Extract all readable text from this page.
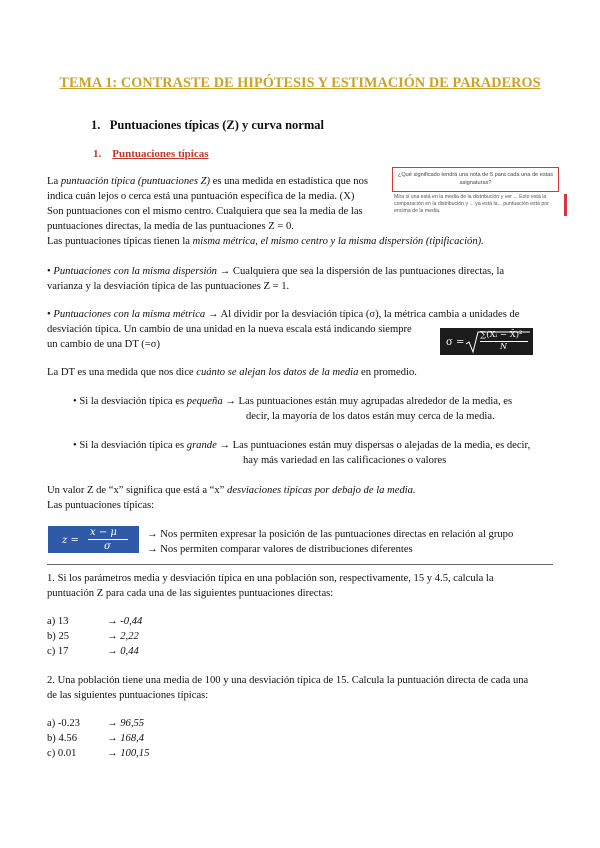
TEMA 1: CONTRASTE DE HIPÓTESIS Y ESTIMACIÓN DE PARADEROS
1. Puntuaciones típicas (Z) y curva normal
1. Puntuaciones típicas
¿Qué significado tendrá una nota de 5 para cada una de estas asignaturas?
Mira si una está en la media de la distribución y ver ... Esto está la comparación en la distribución y ... ya está la... puntuación está por encima de la media.
La puntuación típica (puntuaciones Z) es una medida en estadística que nos
indica cuán lejos o cerca está una puntuación específica de la media. (X)
Son puntuaciones con el mismo centro. Cualquiera que sea la media de las
puntuaciones directas, la media de las puntuaciones Z = 0.
Las puntuaciones típicas tienen la misma métrica, el mismo centro y la misma dispersión (tipificación).
• Puntuaciones con la misma dispersión → Cualquiera que sea la dispersión de las puntuaciones directas, la
varianza y la desviación típica de las puntuaciones Z = 1.
• Puntuaciones con la misma métrica → Al dividir por la desviación típica (σ), la métrica cambia a unidades de
desviación típica. Un cambio de una unidad en la nueva escala está indicando siempre
un cambio de una DT (=σ)	σ =
∑(Xᵢ − X̄)²
N
La DT es una medida que nos dice cuánto se alejan los datos de la media en promedio.
• Si la desviación típica es pequeña → Las puntuaciones están muy agrupadas alrededor de la media, es
decir, la mayoría de los datos están muy cerca de la media.
• Si la desviación típica es grande → Las puntuaciones están muy dispersas o alejadas de la media, es decir,
hay más variedad en las calificaciones o valores
Un valor Z de “x” significa que está a “x” desviaciones típicas por debajo de la media.
Las puntuaciones típicas:
z =
x − μ
σ
→ Nos permiten expresar la posición de las puntuaciones directas en relación al grupo
→ Nos permiten comparar valores de distribuciones diferentes
1. Si los parámetros media y desviación típica en una población son, respectivamente, 15 y 4.5, calcula la
puntuación Z para cada una de las siguientes puntuaciones directas:
a) 13	→ -0,44
b) 25	→ 2,22
c) 17	→ 0,44
2. Una población tiene una media de 100 y una desviación típica de 15. Calcula la puntuación directa de cada una
de las siguientes puntuaciones típicas:
a) -0.23	→ 96,55
b) 4.56	→ 168,4
c) 0.01	→ 100,15
